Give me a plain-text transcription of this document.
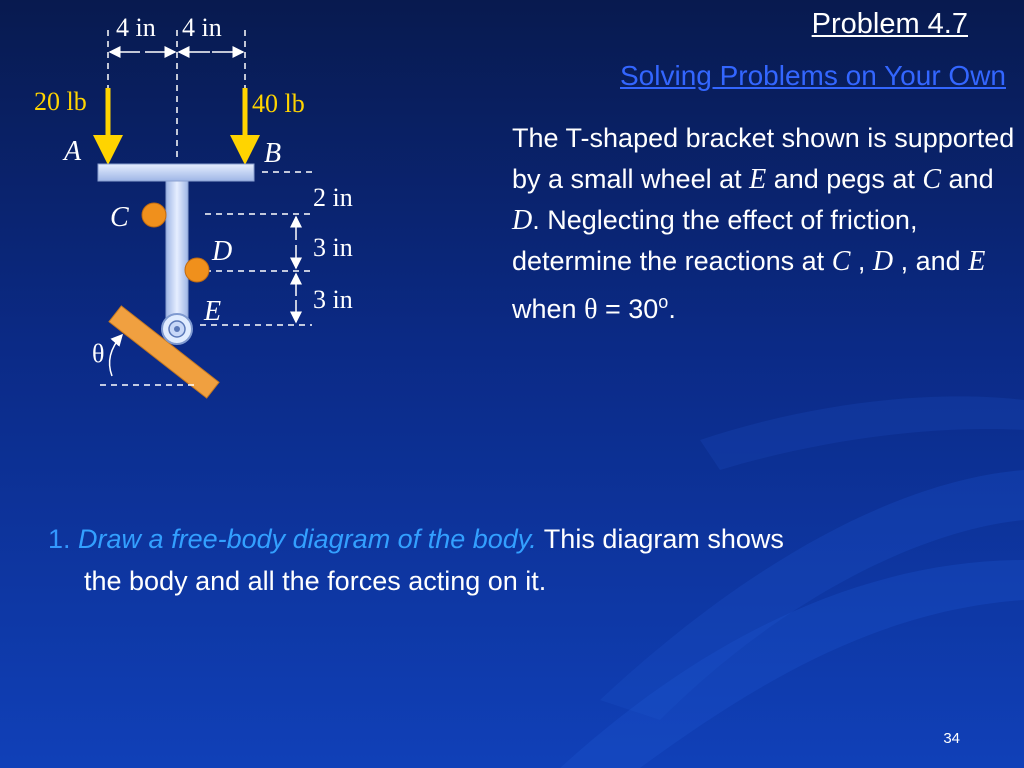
Problem 4.7
Solving Problems on Your Own
The T-shaped bracket shown is supported by a small wheel at E and pegs at C and D. Neglecting the effect of friction, determine the reactions at C , D , and E when $\theta = 30^o$.
1. Draw a free-body diagram of the body. This diagram shows
the body and all the forces acting on it.
34
4 in 4 in
20 lb	40 lb
A	B
2 in
3 in
3 in
C
D
E
θ
